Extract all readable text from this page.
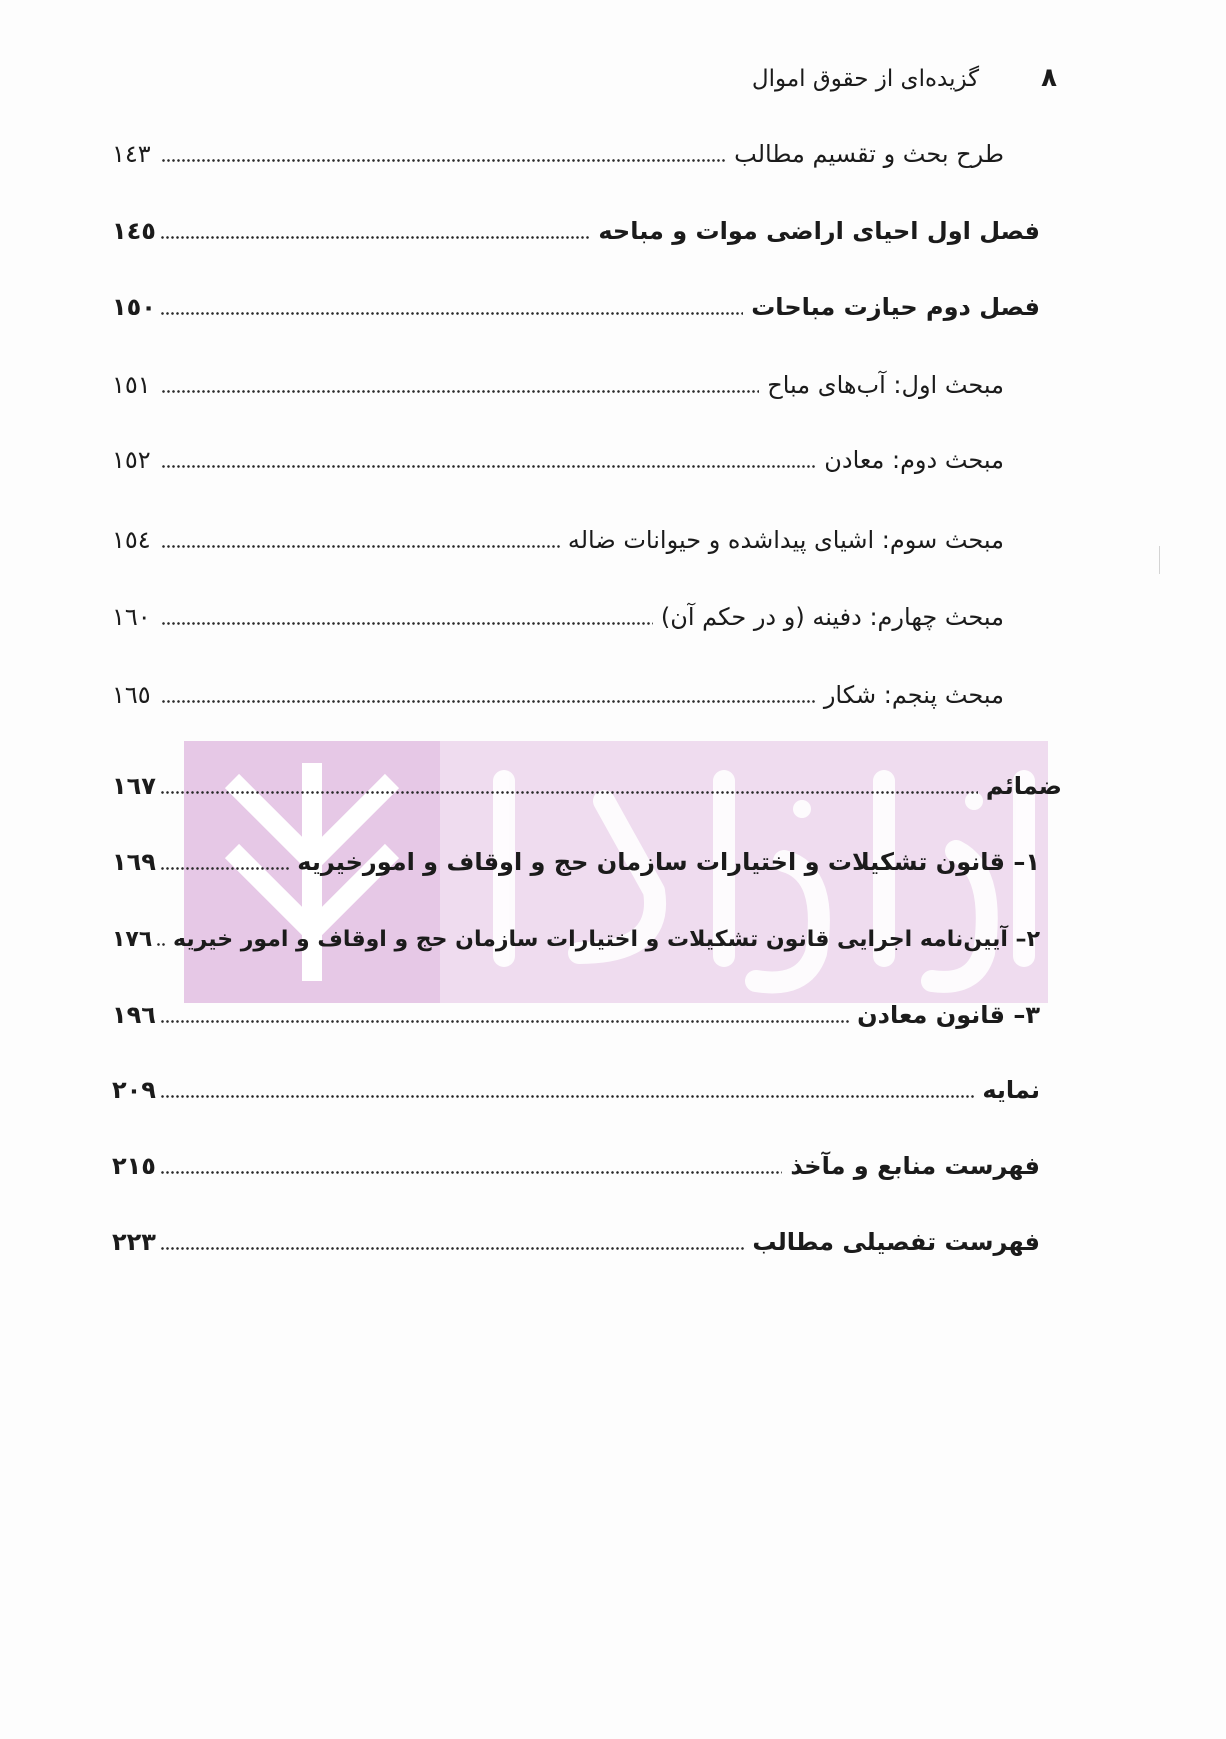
٨
گزیده‌ای از حقوق اموال
طرح بحث و تقسیم مطالب
١٤٣
فصل اول احیای اراضی موات و مباحه
١٤٥
فصل دوم حیازت مباحات
١٥٠
مبحث اول: آب‌های مباح
١٥١
مبحث دوم: معادن
١٥٢
مبحث سوم: اشیای پیداشده و حیوانات ضاله
١٥٤
مبحث چهارم: دفینه (و در حکم آن)
١٦٠
مبحث پنجم: شکار
١٦٥
ضمائم
١٦٧
١– قانون تشکیلات و اختیارات سازمان حج و اوقاف و امورخیریه
١٦٩
٢– آیین‌نامه اجرایی قانون تشکیلات و اختیارات سازمان حج و اوقاف و امور خیریه
١٧٦
٣– قانون معادن
١٩٦
نمایه
٢٠٩
فهرست منابع و مآخذ
٢١٥
فهرست تفصیلی مطالب
٢٢٣
